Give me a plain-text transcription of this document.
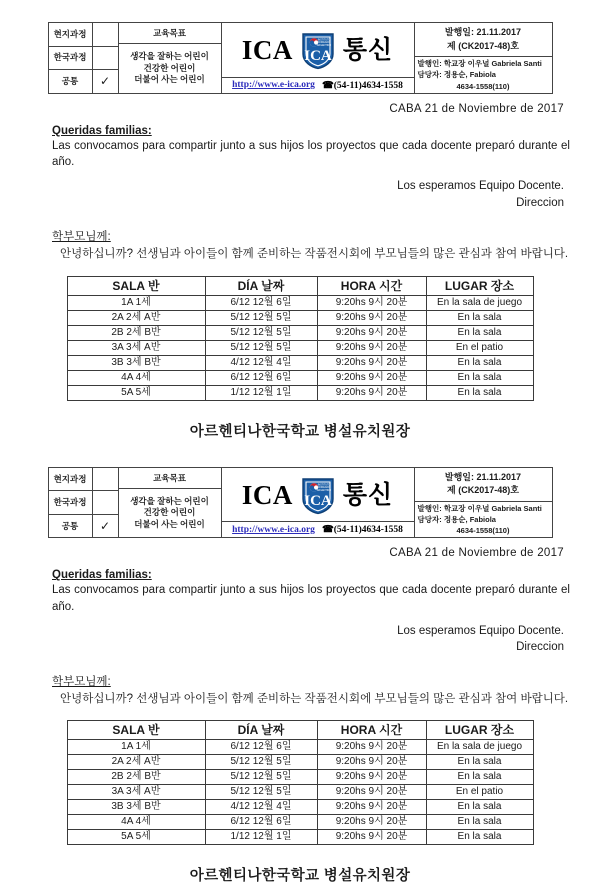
현지 과정
한국 과정
공통	✓
교육목표
생각을 잘하는 어린이
건강한 어린이
더불어 사는 어린이
ICA	INSTITUTO
COREANO
ARGENTINO
ICA 통신
http://www.e-ica.org ☎(54-11)4634-1558
발행일: 21.11.2017
제 (CK2017-48)호
발행인: 학교장 이우널 Gabriela Santi
담당자: 정용순, Fabiola
4634-1558(110)
CABA 21 de Noviembre de 2017
Queridas familias:
Las convocamos para compartir junto a sus hijos los proyectos que cada docente preparó durante el año.
Los esperamos Equipo Docente.
Direccion
학부모님께:
안녕하십니까? 선생님과 아이들이 함께 준비하는 작품전시회에 부모님들의 많은 관심과 참여 바랍니다.
SALA 반	DÍA 날짜	HORA 시간	LUGAR 장소
1A 1세	6/12 12월 6일	9:20hs 9시 20분	En la sala de juego
2A 2세 A반	5/12 12월 5일	9:20hs 9시 20분	En la sala
2B 2세 B반	5/12 12월 5일	9:20hs 9시 20분	En la sala
3A 3세 A반	5/12 12월 5일	9:20hs 9시 20분	En el patio
3B 3세 B반	4/12 12월 4일	9:20hs 9시 20분	En la sala
4A 4세	6/12 12월 6일	9:20hs 9시 20분	En la sala
5A 5세	1/12 12월 1일	9:20hs 9시 20분	En la sala
아르헨티나한국학교 병설유치원장
현지 과정
한국 과정
공통	✓
교육목표
생각을 잘하는 어린이
건강한 어린이
더불어 사는 어린이
ICA	INSTITUTO
COREANO
ARGENTINO
ICA 통신
http://www.e-ica.org ☎(54-11)4634-1558
발행일: 21.11.2017
제 (CK2017-48)호
발행인: 학교장 이우널 Gabriela Santi
담당자: 정용순, Fabiola
4634-1558(110)
CABA 21 de Noviembre de 2017
Queridas familias:
Las convocamos para compartir junto a sus hijos los proyectos que cada docente preparó durante el año.
Los esperamos Equipo Docente.
Direccion
학부모님께:
안녕하십니까? 선생님과 아이들이 함께 준비하는 작품전시회에 부모님들의 많은 관심과 참여 바랍니다.
SALA 반	DÍA 날짜	HORA 시간	LUGAR 장소
1A 1세	6/12 12월 6일	9:20hs 9시 20분	En la sala de juego
2A 2세 A반	5/12 12월 5일	9:20hs 9시 20분	En la sala
2B 2세 B반	5/12 12월 5일	9:20hs 9시 20분	En la sala
3A 3세 A반	5/12 12월 5일	9:20hs 9시 20분	En el patio
3B 3세 B반	4/12 12월 4일	9:20hs 9시 20분	En la sala
4A 4세	6/12 12월 6일	9:20hs 9시 20분	En la sala
5A 5세	1/12 12월 1일	9:20hs 9시 20분	En la sala
아르헨티나한국학교 병설유치원장
